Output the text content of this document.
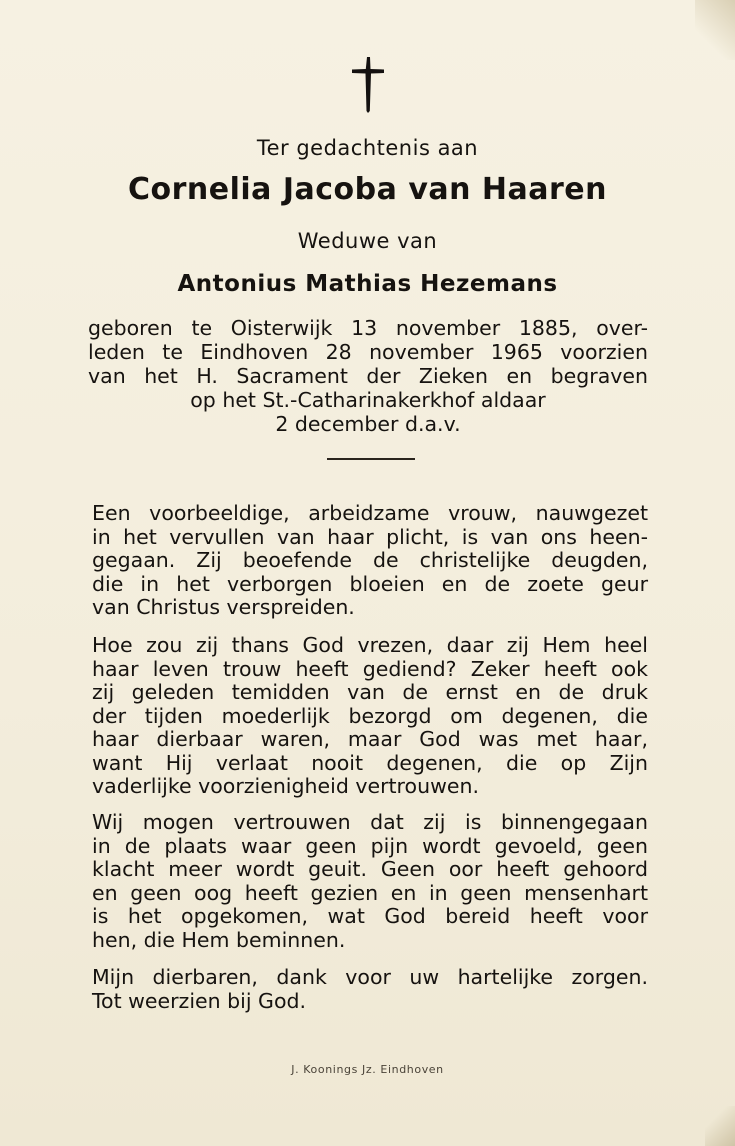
Ter gedachtenis aan
Cornelia Jacoba van Haaren
Weduwe van
Antonius Mathias Hezemans
geboren te Oisterwijk 13 november 1885, over-
leden te Eindhoven 28 november 1965 voorzien
van het H. Sacrament der Zieken en begraven
op het St.-Catharinakerkhof aldaar
2 december d.a.v.
Een voorbeeldige, arbeidzame vrouw, nauwgezet
in het vervullen van haar plicht, is van ons heen-
gegaan. Zij beoefende de christelijke deugden,
die in het verborgen bloeien en de zoete geur
van Christus verspreiden.
Hoe zou zij thans God vrezen, daar zij Hem heel
haar leven trouw heeft gediend? Zeker heeft ook
zij geleden temidden van de ernst en de druk
der tijden moederlijk bezorgd om degenen, die
haar dierbaar waren, maar God was met haar,
want Hij verlaat nooit degenen, die op Zijn
vaderlijke voorzienigheid vertrouwen.
Wij mogen vertrouwen dat zij is binnengegaan
in de plaats waar geen pijn wordt gevoeld, geen
klacht meer wordt geuit. Geen oor heeft gehoord
en geen oog heeft gezien en in geen mensenhart
is het opgekomen, wat God bereid heeft voor
hen, die Hem beminnen.
Mijn dierbaren, dank voor uw hartelijke zorgen.
Tot weerzien bij God.
J. Koonings Jz. Eindhoven
